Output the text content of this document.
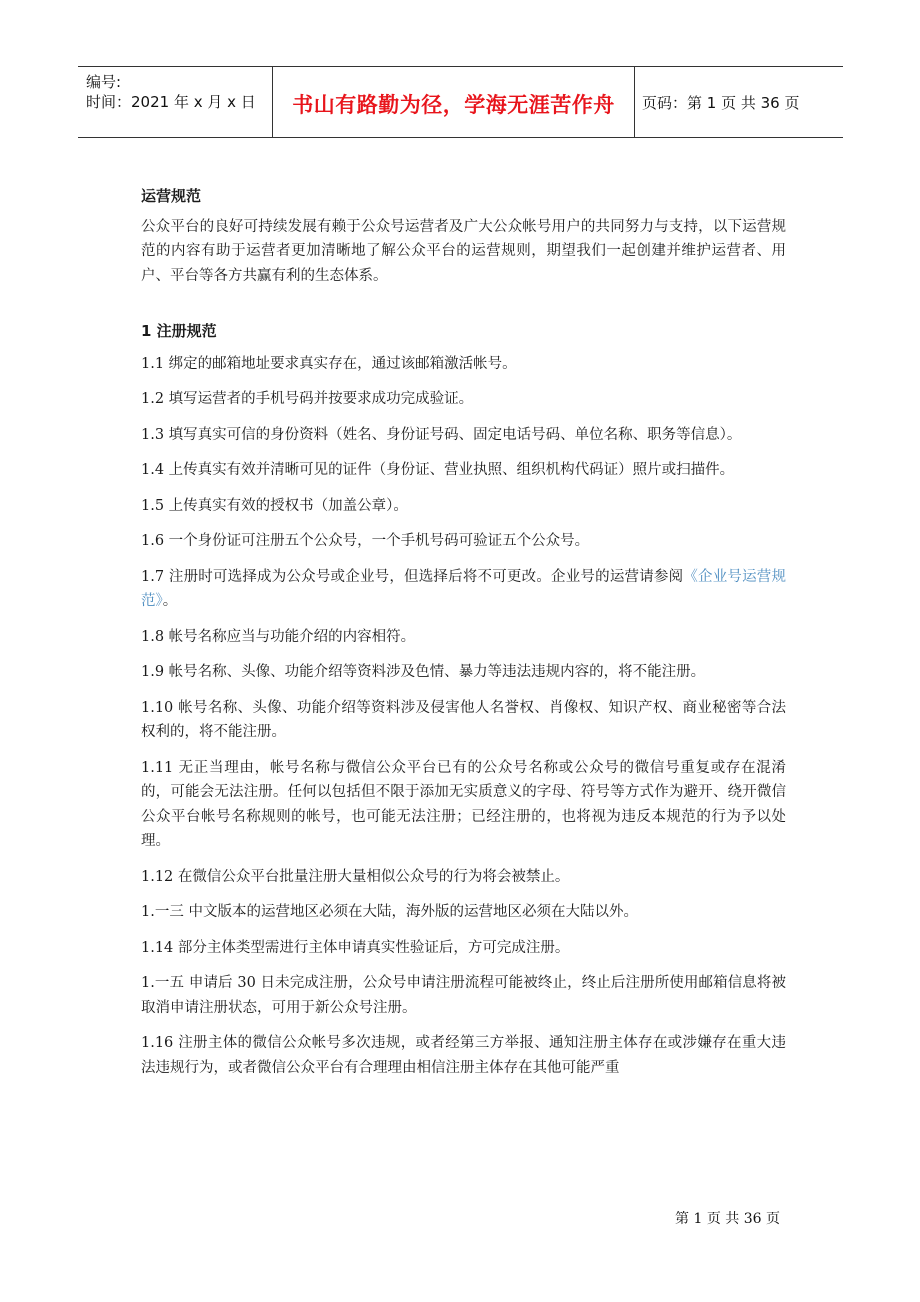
编号:
时间：2021 年 x 月 x 日	书山有路勤为径，学海无涯苦作舟	页码：第 1 页 共 36 页
运营规范

公众平台的良好可持续发展有赖于公众号运营者及广大公众帐号用户的共同努力与支持，以下运营规范的内容有助于运营者更加清晰地了解公众平台的运营规则，期望我们一起创建并维护运营者、用户、平台等各方共赢有利的生态体系。

1 注册规范

1.1 绑定的邮箱地址要求真实存在，通过该邮箱激活帐号。

1.2 填写运营者的手机号码并按要求成功完成验证。

1.3 填写真实可信的身份资料（姓名、身份证号码、固定电话号码、单位名称、职务等信息）。

1.4 上传真实有效并清晰可见的证件（身份证、营业执照、组织机构代码证）照片或扫描件。

1.5 上传真实有效的授权书（加盖公章）。

1.6 一个身份证可注册五个公众号，一个手机号码可验证五个公众号。

1.7 注册时可选择成为公众号或企业号，但选择后将不可更改。企业号的运营请参阅《企业号运营规范》。

1.8 帐号名称应当与功能介绍的内容相符。

1.9 帐号名称、头像、功能介绍等资料涉及色情、暴力等违法违规内容的，将不能注册。

1.10 帐号名称、头像、功能介绍等资料涉及侵害他人名誉权、肖像权、知识产权、商业秘密等合法权利的，将不能注册。

1.11 无正当理由，帐号名称与微信公众平台已有的公众号名称或公众号的微信号重复或存在混淆的，可能会无法注册。任何以包括但不限于添加无实质意义的字母、符号等方式作为避开、绕开微信公众平台帐号名称规则的帐号，也可能无法注册；已经注册的，也将视为违反本规范的行为予以处理。

1.12 在微信公众平台批量注册大量相似公众号的行为将会被禁止。

1.一三 中文版本的运营地区必须在大陆，海外版的运营地区必须在大陆以外。

1.14 部分主体类型需进行主体申请真实性验证后，方可完成注册。

1.一五 申请后 30 日未完成注册，公众号申请注册流程可能被终止，终止后注册所使用邮箱信息将被取消申请注册状态，可用于新公众号注册。

1.16 注册主体的微信公众帐号多次违规，或者经第三方举报、通知注册主体存在或涉嫌存在重大违法违规行为，或者微信公众平台有合理理由相信注册主体存在其他可能严重

第 1 页 共 36 页
